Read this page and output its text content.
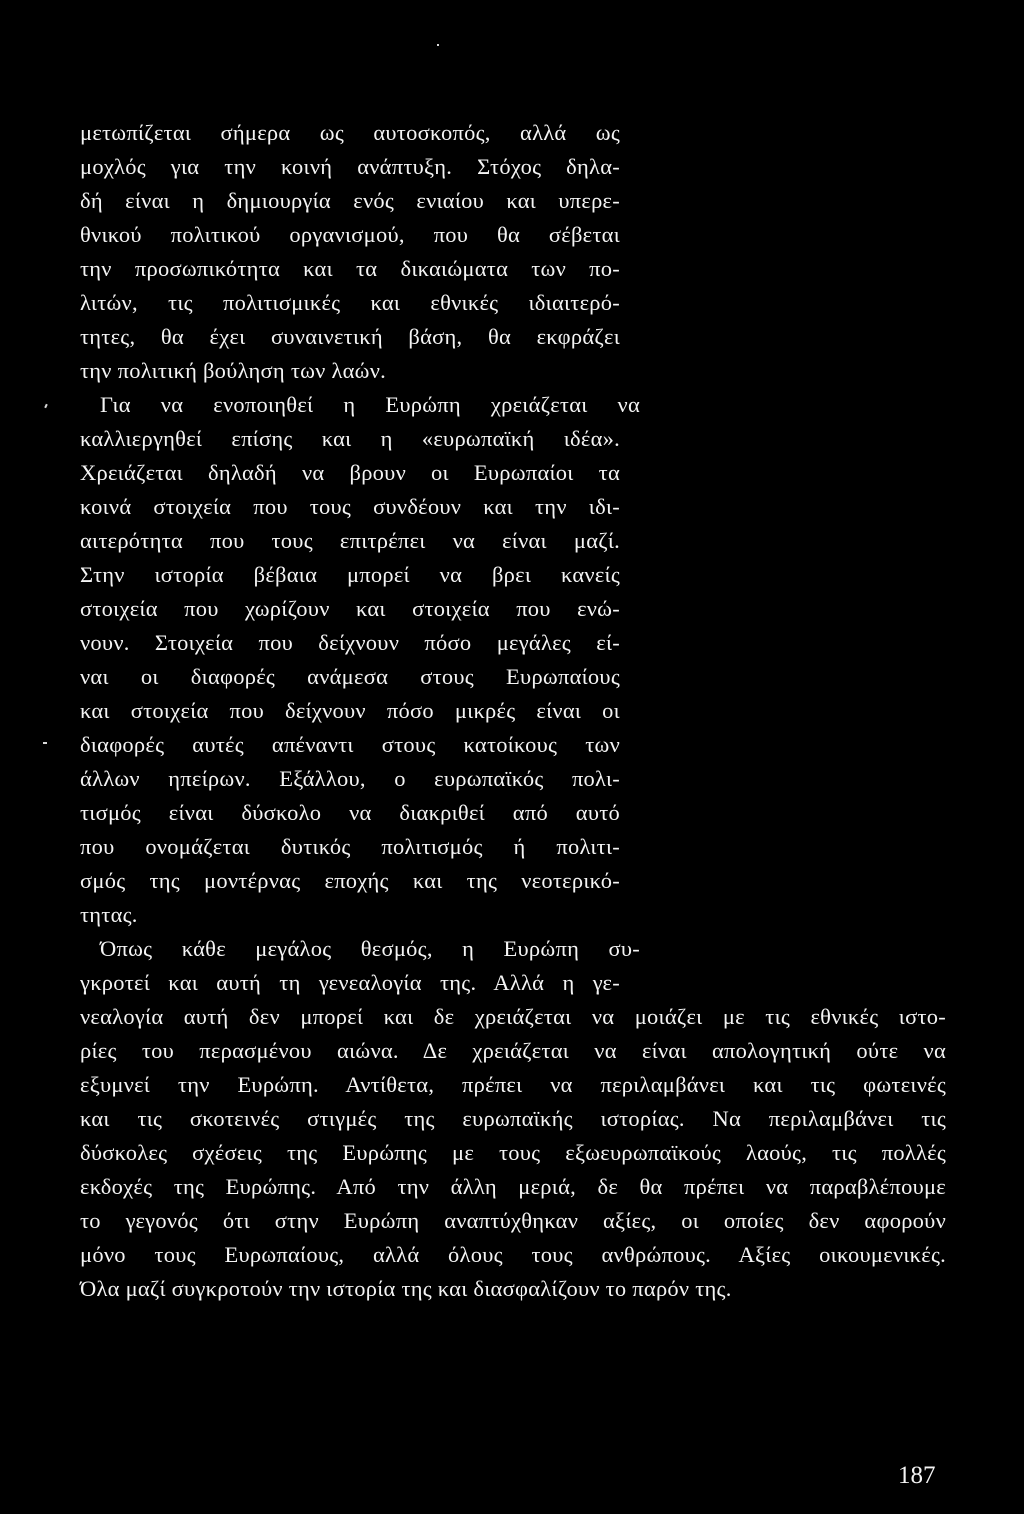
μετωπίζεται σήμερα ως αυτοσκοπός, αλλά ως
μοχλός για την κοινή ανάπτυξη. Στόχος δηλα-
δή είναι η δημιουργία ενός ενιαίου και υπερε-
θνικού πολιτικού οργανισμού, που θα σέβεται
την προσωπικότητα και τα δικαιώματα των πο-
λιτών, τις πολιτισμικές και εθνικές ιδιαιτερό-
τητες, θα έχει συναινετική βάση, θα εκφράζει
την πολιτική βούληση των λαών.
Για να ενοποιηθεί η Ευρώπη χρειάζεται να
καλλιεργηθεί επίσης και η «ευρωπαϊκή ιδέα».
Χρειάζεται δηλαδή να βρουν οι Ευρωπαίοι τα
κοινά στοιχεία που τους συνδέουν και την ιδι-
αιτερότητα που τους επιτρέπει να είναι μαζί.
Στην ιστορία βέβαια μπορεί να βρει κανείς
στοιχεία που χωρίζουν και στοιχεία που ενώ-
νουν. Στοιχεία που δείχνουν πόσο μεγάλες εί-
ναι οι διαφορές ανάμεσα στους Ευρωπαίους
και στοιχεία που δείχνουν πόσο μικρές είναι οι
διαφορές αυτές απέναντι στους κατοίκους των
άλλων ηπείρων. Εξάλλου, ο ευρωπαϊκός πολι-
τισμός είναι δύσκολο να διακριθεί από αυτό
που ονομάζεται δυτικός πολιτισμός ή πολιτι-
σμός της μοντέρνας εποχής και της νεοτερικό-
τητας.
Όπως κάθε μεγάλος θεσμός, η Ευρώπη συ-
γκροτεί και αυτή τη γενεαλογία της. Αλλά η γε-
νεαλογία αυτή δεν μπορεί και δε χρειάζεται να μοιάζει με τις εθνικές ιστο-
ρίες του περασμένου αιώνα. Δε χρειάζεται να είναι απολογητική ούτε να
εξυμνεί την Ευρώπη. Αντίθετα, πρέπει να περιλαμβάνει και τις φωτεινές
και τις σκοτεινές στιγμές της ευρωπαϊκής ιστορίας. Να περιλαμβάνει τις
δύσκολες σχέσεις της Ευρώπης με τους εξωευρωπαϊκούς λαούς, τις πολλές
εκδοχές της Ευρώπης. Από την άλλη μεριά, δε θα πρέπει να παραβλέπουμε
το γεγονός ότι στην Ευρώπη αναπτύχθηκαν αξίες, οι οποίες δεν αφορούν
μόνο τους Ευρωπαίους, αλλά όλους τους ανθρώπους. Αξίες οικουμενικές.
Όλα μαζί συγκροτούν την ιστορία της και διασφαλίζουν το παρόν της.
187
